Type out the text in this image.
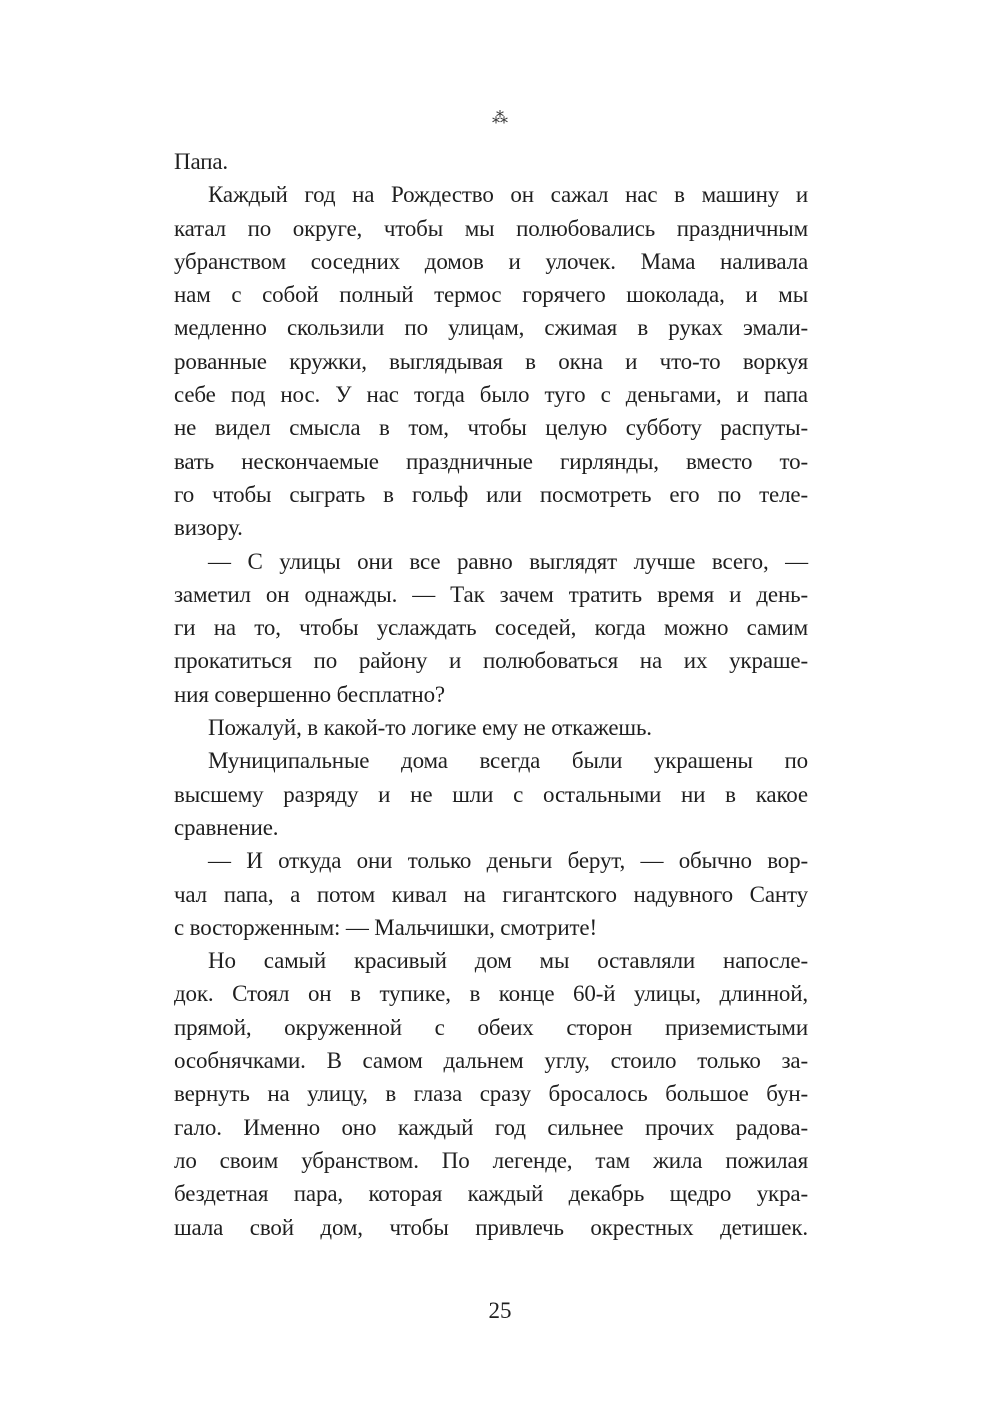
⁂
Папа.
Каждый год на Рождество он сажал нас в машину и
катал по округе, чтобы мы полюбовались праздничным
убранством соседних домов и улочек. Мама наливала
нам с собой полный термос горячего шоколада, и мы
медленно скользили по улицам, сжимая в руках эмали-
рованные кружки, выглядывая в окна и что-то воркуя
себе под нос. У нас тогда было туго с деньгами, и папа
не видел смысла в том, чтобы целую субботу распуты-
вать нескончаемые праздничные гирлянды, вместо то-
го чтобы сыграть в гольф или посмотреть его по теле-
визору.
— С улицы они все равно выглядят лучше всего, —
заметил он однажды. — Так зачем тратить время и день-
ги на то, чтобы услаждать соседей, когда можно самим
прокатиться по району и полюбоваться на их украше-
ния совершенно бесплатно?
Пожалуй, в какой-то логике ему не откажешь.
Муниципальные дома всегда были украшены по
высшему разряду и не шли с остальными ни в какое
сравнение.
— И откуда они только деньги берут, — обычно вор-
чал папа, а потом кивал на гигантского надувного Санту
с восторженным: — Мальчишки, смотрите!
Но самый красивый дом мы оставляли напосле-
док. Стоял он в тупике, в конце 60-й улицы, длинной,
прямой, окруженной с обеих сторон приземистыми
особнячками. В самом дальнем углу, стоило только за-
вернуть на улицу, в глаза сразу бросалось большое бун-
гало. Именно оно каждый год сильнее прочих радова-
ло своим убранством. По легенде, там жила пожилая
бездетная пара, которая каждый декабрь щедро укра-
шала свой дом, чтобы привлечь окрестных детишек.
25
